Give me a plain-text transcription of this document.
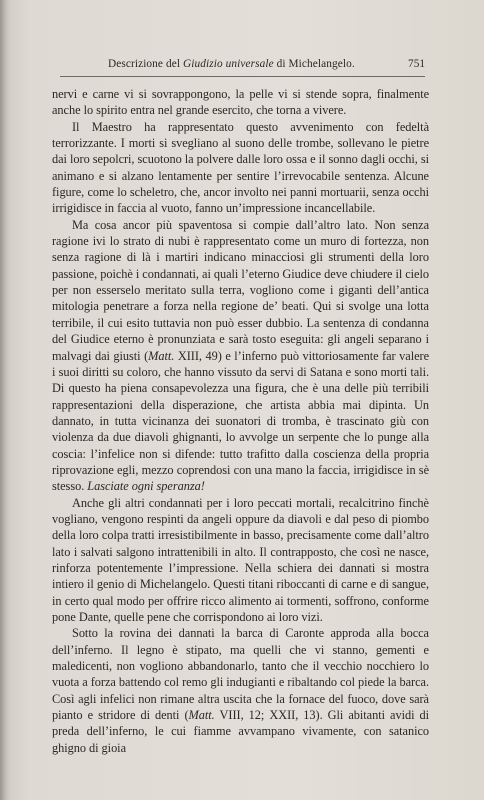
Descrizione del Giudizio universale di Michelangelo.	751

nervi e carne vi si sovrappongono, la pelle vi si stende sopra, finalmente anche lo spirito entra nel grande esercito, che torna a vivere.

Il Maestro ha rappresentato questo avvenimento con fedeltà terrorizzante. I morti si svegliano al suono delle trombe, sollevano le pietre dai loro sepolcri, scuotono la polvere dalle loro ossa e il sonno dagli occhi, si animano e si alzano lentamente per sentire l’irrevocabile sentenza. Alcune figure, come lo scheletro, che, ancor involto nei panni mortuarii, senza occhi irrigidisce in faccia al vuoto, fanno un’impressione incancellabile.

Ma cosa ancor più spaventosa si compie dall’altro lato. Non senza ragione ivi lo strato di nubi è rappresentato come un muro di fortezza, non senza ragione di là i martiri indicano minacciosi gli strumenti della loro passione, poichè i condannati, ai quali l’eterno Giudice deve chiudere il cielo per non esserselo meritato sulla terra, vogliono come i giganti dell’antica mitologia penetrare a forza nella regione de’ beati. Qui si svolge una lotta terribile, il cui esito tuttavia non può esser dubbio. La sentenza di condanna del Giudice eterno è pronunziata e sarà tosto eseguita: gli angeli separano i malvagi dai giusti (Matt. XIII, 49) e l’inferno può vittoriosamente far valere i suoi diritti su coloro, che hanno vissuto da servi di Satana e sono morti tali. Di questo ha piena consapevolezza una figura, che è una delle più terribili rappresentazioni della disperazione, che artista abbia mai dipinta. Un dannato, in tutta vicinanza dei suonatori di tromba, è trascinato giù con violenza da due diavoli ghignanti, lo avvolge un serpente che lo punge alla coscia: l’infelice non si difende: tutto trafitto dalla coscienza della propria riprovazione egli, mezzo coprendosi con una mano la faccia, irrigidisce in sè stesso. Lasciate ogni speranza!

Anche gli altri condannati per i loro peccati mortali, recalcitrino finchè vogliano, vengono respinti da angeli oppure da diavoli e dal peso di piombo della loro colpa tratti irresistibilmente in basso, precisamente come dall’altro lato i salvati salgono intrattenibili in alto. Il contrapposto, che così ne nasce, rinforza potentemente l’impressione. Nella schiera dei dannati si mostra intiero il genio di Michelangelo. Questi titani riboccanti di carne e di sangue, in certo qual modo per offrire ricco alimento ai tormenti, soffrono, conforme pone Dante, quelle pene che corrispondono ai loro vizi.

Sotto la rovina dei dannati la barca di Caronte approda alla bocca dell’inferno. Il legno è stipato, ma quelli che vi stanno, gementi e maledicenti, non vogliono abbandonarlo, tanto che il vecchio nocchiero lo vuota a forza battendo col remo gli indugianti e ribaltando col piede la barca. Così agli infelici non rimane altra uscita che la fornace del fuoco, dove sarà pianto e stridore di denti (Matt. VIII, 12; XXII, 13). Gli abitanti avidi di preda dell’inferno, le cui fiamme avvampano vivamente, con satanico ghigno di gioia
